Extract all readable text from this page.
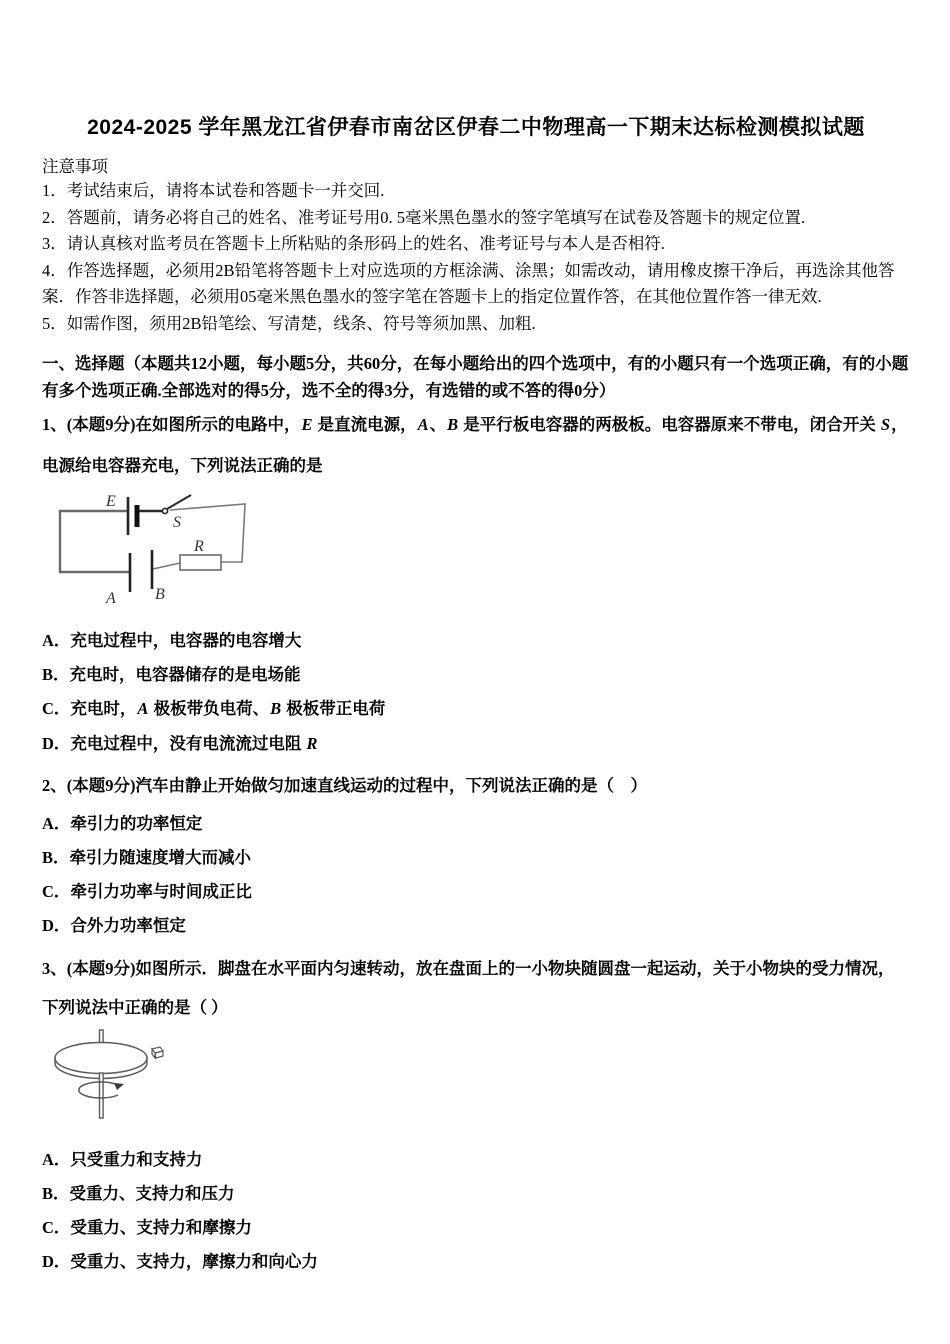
2024-2025 学年黑龙江省伊春市南岔区伊春二中物理高一下期末达标检测模拟试题
注意事项

1．考试结束后，请将本试卷和答题卡一并交回.

2．答题前，请务必将自己的姓名、准考证号用0. 5毫米黑色墨水的签字笔填写在试卷及答题卡的规定位置.

3．请认真核对监考员在答题卡上所粘贴的条形码上的姓名、准考证号与本人是否相符.

4．作答选择题，必须用2B铅笔将答题卡上对应选项的方框涂满、涂黑；如需改动，请用橡皮擦干净后，再选涂其他答案．作答非选择题，必须用05毫米黑色墨水的签字笔在答题卡上的指定位置作答，在其他位置作答一律无效.

5．如需作图，须用2B铅笔绘、写清楚，线条、符号等须加黑、加粗.

一、选择题（本题共12小题，每小题5分，共60分，在每小题给出的四个选项中，有的小题只有一个选项正确，有的小题有多个选项正确.全部选对的得5分，选不全的得3分，有选错的或不答的得0分）

1、(本题9分)在如图所示的电路中，E 是直流电源，A、B 是平行板电容器的两极板。电容器原来不带电，闭合开关 S，

电源给电容器充电，下列说法正确的是

E
S
R
A B

A．充电过程中，电容器的电容增大

B．充电时，电容器储存的是电场能

C．充电时，A 极板带负电荷、B 极板带正电荷

D．充电过程中，没有电流流过电阻 R

2、(本题9分)汽车由静止开始做匀加速直线运动的过程中，下列说法正确的是（　）

A．牵引力的功率恒定

B．牵引力随速度增大而减小

C．牵引力功率与时间成正比

D．合外力功率恒定

3、(本题9分)如图所示．脚盘在水平面内匀速转动，放在盘面上的一小物块随圆盘一起运动，关于小物块的受力情况，

下列说法中正确的是（ ）

A．只受重力和支持力

B．受重力、支持力和压力

C．受重力、支持力和摩擦力

D．受重力、支持力，摩擦力和向心力
